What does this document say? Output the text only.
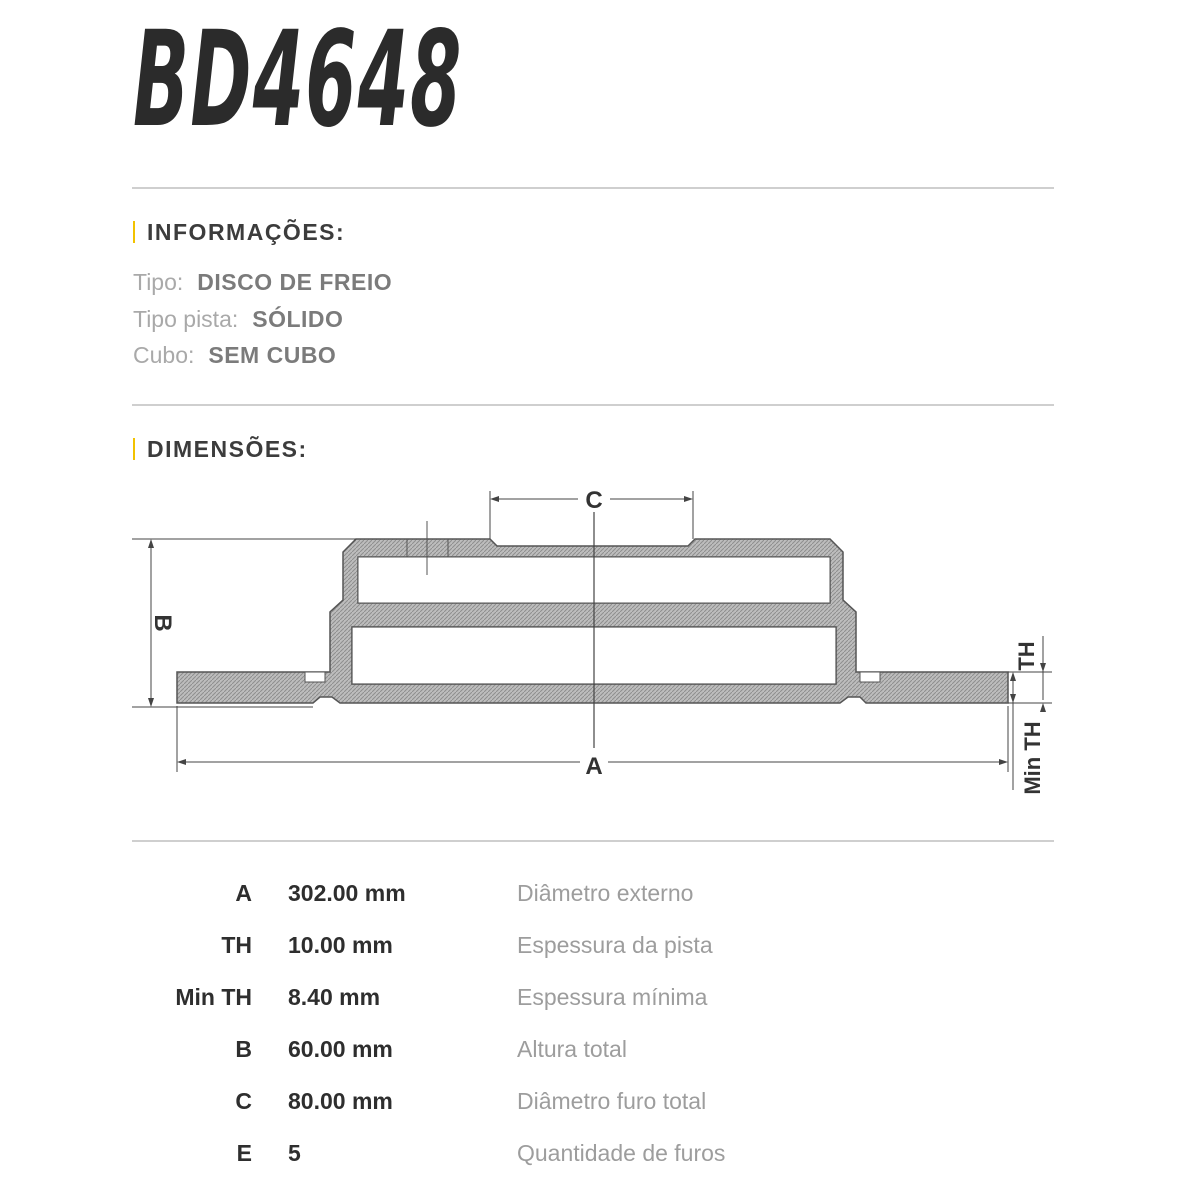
BD4648
INFORMAÇÕES:
Tipo: DISCO DE FREIO
Tipo pista: SÓLIDO
Cubo: SEM CUBO
DIMENSÕES:
C
B
A
TH
Min TH
A 302.00 mm	Diâmetro externo
TH 10.00 mm	Espessura da pista
Min TH 8.40 mm	Espessura mínima
B 60.00 mm	Altura total
C 80.00 mm	Diâmetro furo total
E 5	Quantidade de furos
